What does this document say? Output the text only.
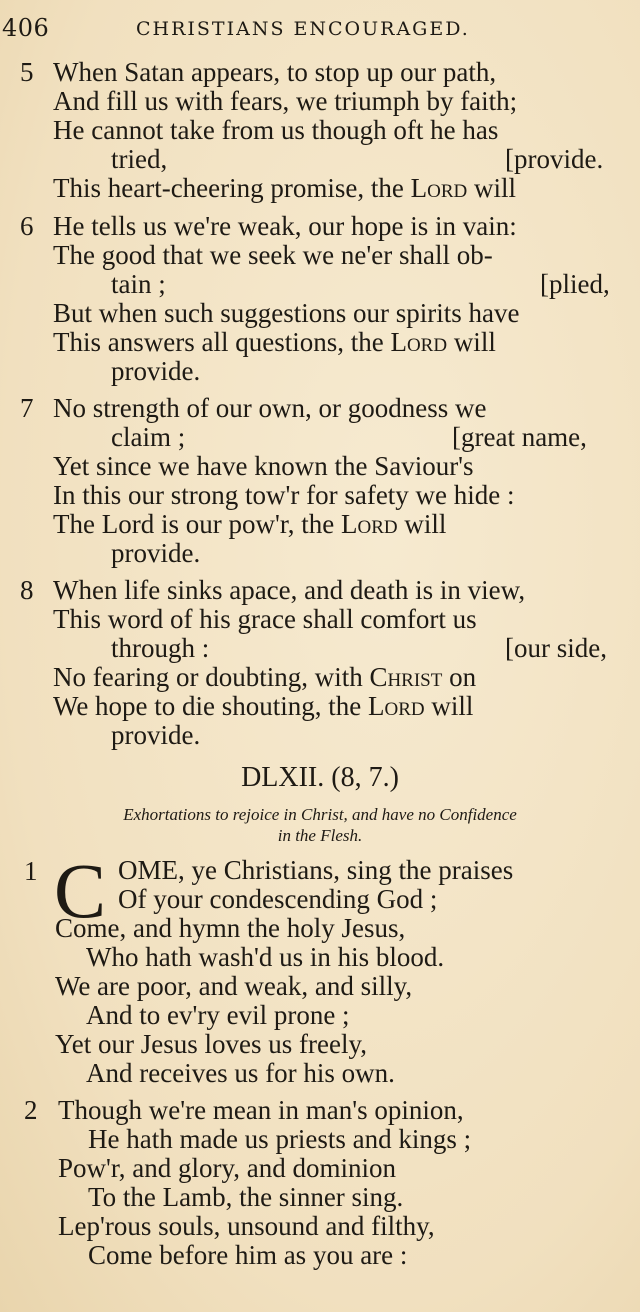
406	CHRISTIANS ENCOURAGED.
5 When Satan appears, to stop up our path,
And fill us with fears, we triumph by faith;
He cannot take from us though oft he has
tried,	[provide.
This heart-cheering promise, the Lord will
6 He tells us we're weak, our hope is in vain:
The good that we seek we ne'er shall ob-
tain ;	[plied,
But when such suggestions our spirits have
This answers all questions, the Lord will
provide.
7 No strength of our own, or goodness we
claim ;	[great name,
Yet since we have known the Saviour's
In this our strong tow'r for safety we hide :
The Lord is our pow'r, the Lord will
provide.
8 When life sinks apace, and death is in view,
This word of his grace shall comfort us
through :	[our side,
No fearing or doubting, with Christ on
We hope to die shouting, the Lord will
provide.
DLXII. (8, 7.)
Exhortations to rejoice in Christ, and have no Confidence
in the Flesh.
1 C OME, ye Christians, sing the praises
Of your condescending God ;
Come, and hymn the holy Jesus,
Who hath wash'd us in his blood.
We are poor, and weak, and silly,
And to ev'ry evil prone ;
Yet our Jesus loves us freely,
And receives us for his own.
2 Though we're mean in man's opinion,
He hath made us priests and kings ;
Pow'r, and glory, and dominion
To the Lamb, the sinner sing.
Lep'rous souls, unsound and filthy,
Come before him as you are :
